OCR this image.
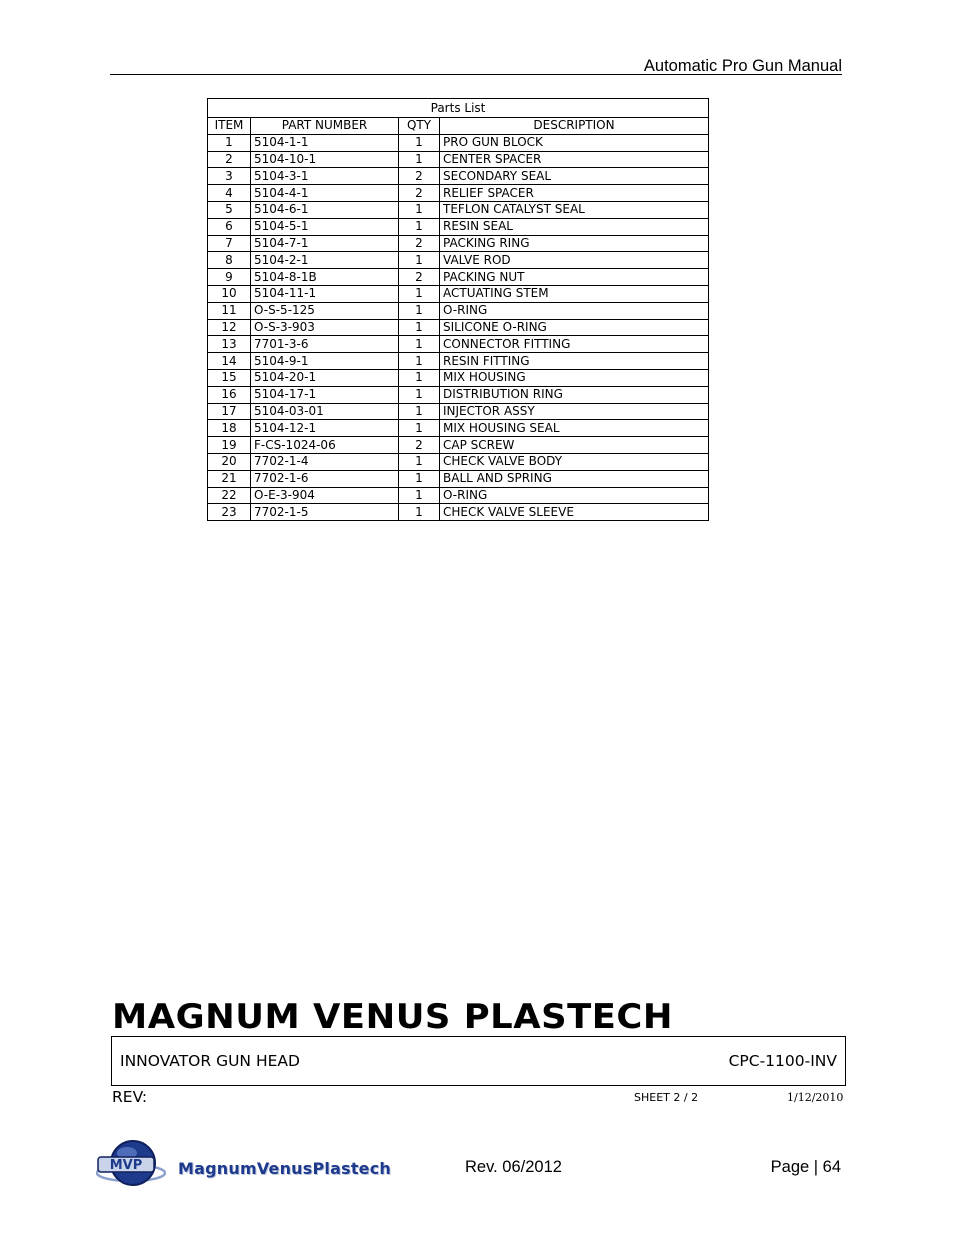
Automatic Pro Gun Manual
Parts List			
ITEM	PART NUMBER	QTY	DESCRIPTION
1	5104-1-1	1	PRO GUN BLOCK
2	5104-10-1	1	CENTER SPACER
3	5104-3-1	2	SECONDARY SEAL
4	5104-4-1	2	RELIEF SPACER
5	5104-6-1	1	TEFLON CATALYST SEAL
6	5104-5-1	1	RESIN SEAL
7	5104-7-1	2	PACKING RING
8	5104-2-1	1	VALVE ROD
9	5104-8-1B	2	PACKING NUT
10	5104-11-1	1	ACTUATING STEM
11	O-S-5-125	1	O-RING
12	O-S-3-903	1	SILICONE O-RING
13	7701-3-6	1	CONNECTOR FITTING
14	5104-9-1	1	RESIN FITTING
15	5104-20-1	1	MIX HOUSING
16	5104-17-1	1	DISTRIBUTION RING
17	5104-03-01	1	INJECTOR ASSY
18	5104-12-1	1	MIX HOUSING SEAL
19	F-CS-1024-06	2	CAP SCREW
20	7702-1-4	1	CHECK VALVE BODY
21	7702-1-6	1	BALL AND SPRING
22	O-E-3-904	1	O-RING
23	7702-1-5	1	CHECK VALVE SLEEVE
MAGNUM VENUS PLASTECH
INNOVATOR GUN HEAD	CPC-1100-INV
REV:	SHEET 2 / 2	1/12/2010
MVP MagnumVenusPlastech	Rev. 06/2012	Page | 64
